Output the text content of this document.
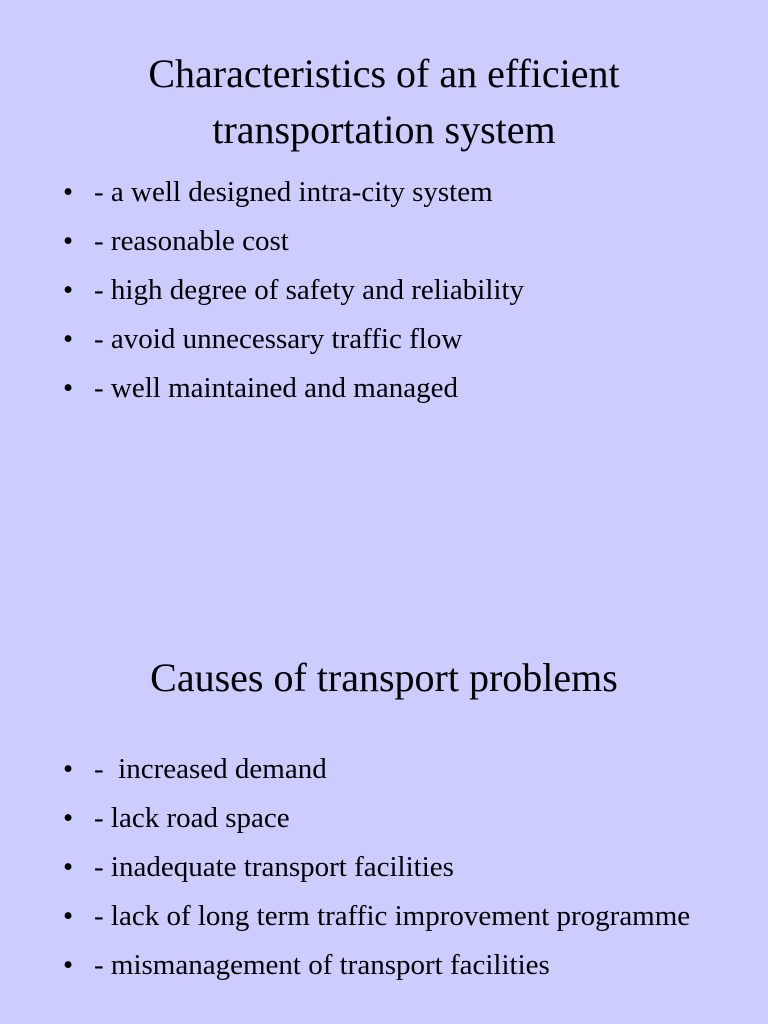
Characteristics of an efficient
transportation system
• - a well designed intra-city system
• - reasonable cost
• - high degree of safety and reliability
• - avoid unnecessary traffic flow
• - well maintained and managed
Causes of transport problems
• -  increased demand
• - lack road space
• - inadequate transport facilities
• - lack of long term traffic improvement programme
• - mismanagement of transport facilities
